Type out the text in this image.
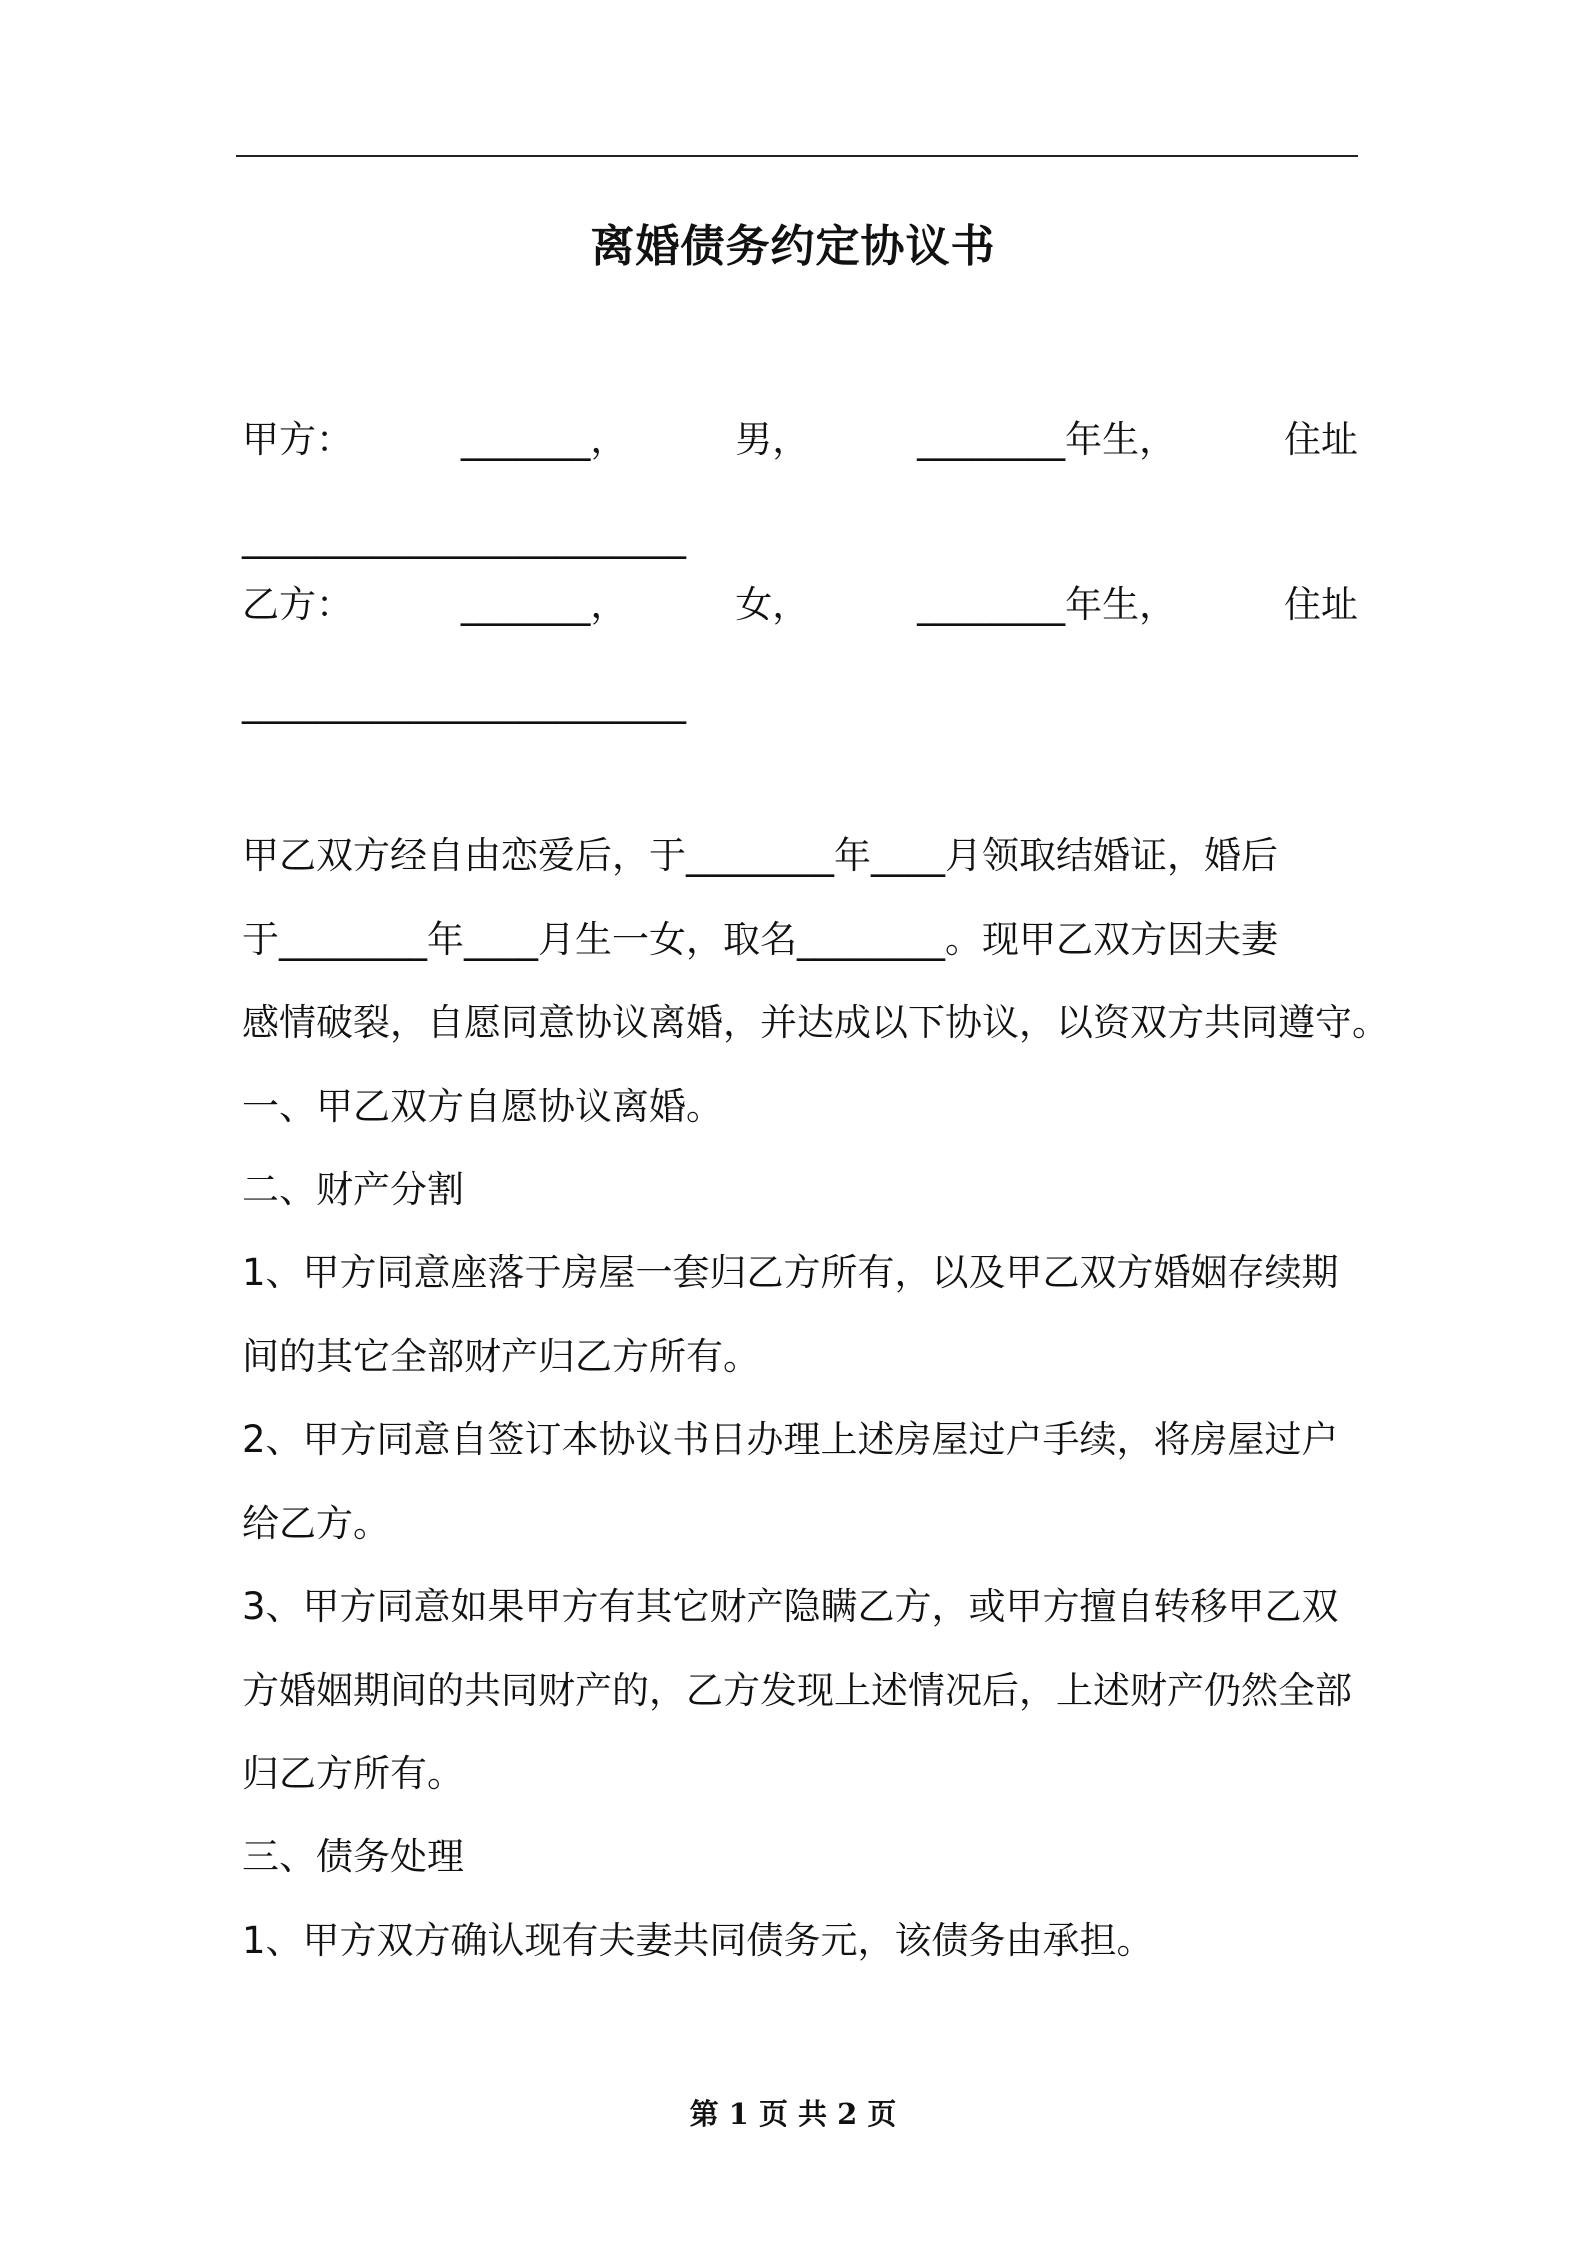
离婚债务约定协议书
甲方：	_______，	男，	________年生，	住址
________________________
乙方：	_______，	女，	________年生，	住址
________________________
甲乙双方经自由恋爱后，于________年____月领取结婚证，婚后
于________年____月生一女，取名________。现甲乙双方因夫妻
感情破裂，自愿同意协议离婚，并达成以下协议，以资双方共同遵守。
一、甲乙双方自愿协议离婚。
二、财产分割
1、甲方同意座落于房屋一套归乙方所有，以及甲乙双方婚姻存续期
间的其它全部财产归乙方所有。
2、甲方同意自签订本协议书日办理上述房屋过户手续，将房屋过户
给乙方。
3、甲方同意如果甲方有其它财产隐瞒乙方，或甲方擅自转移甲乙双
方婚姻期间的共同财产的，乙方发现上述情况后，上述财产仍然全部
归乙方所有。
三、债务处理
1、甲方双方确认现有夫妻共同债务元，该债务由承担。
第 1 页 共 2 页
